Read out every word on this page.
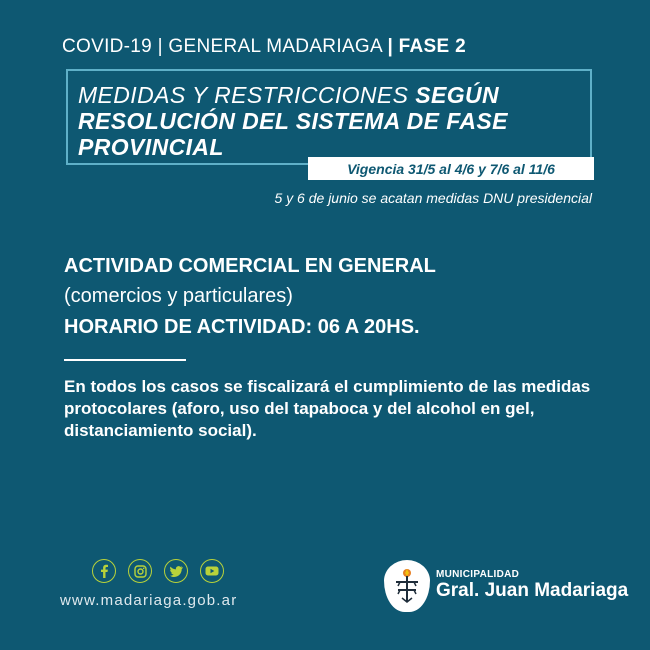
COVID-19 | GENERAL MADARIAGA | FASE 2
MEDIDAS Y RESTRICCIONES SEGÚN RESOLUCIÓN DEL SISTEMA DE FASE PROVINCIAL
Vigencia 31/5 al 4/6 y 7/6 al 11/6
5 y 6 de junio se acatan medidas DNU presidencial
ACTIVIDAD COMERCIAL EN GENERAL
(comercios y particulares)
HORARIO DE ACTIVIDAD: 06 A 20HS.
En todos los casos se fiscalizará el cumplimiento de las medidas protocolares (aforo, uso del tapaboca y del alcohol en gel, distanciamiento social).
www.madariaga.gob.ar
MUNICIPALIDAD
Gral. Juan Madariaga
